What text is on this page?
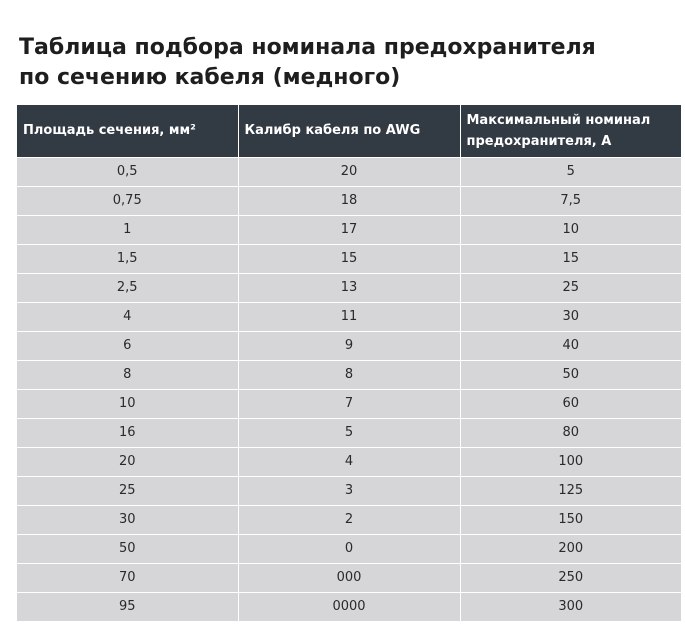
Таблица подбора номинала предохранителя
по сечению кабеля (медного)
Площадь сечения, мм²	Калибр кабеля по AWG	Максимальный номинал предохранителя, А
0,5	20	5
0,75	18	7,5
1	17	10
1,5	15	15
2,5	13	25
4	11	30
6	9	40
8	8	50
10	7	60
16	5	80
20	4	100
25	3	125
30	2	150
50	0	200
70	000	250
95	0000	300
